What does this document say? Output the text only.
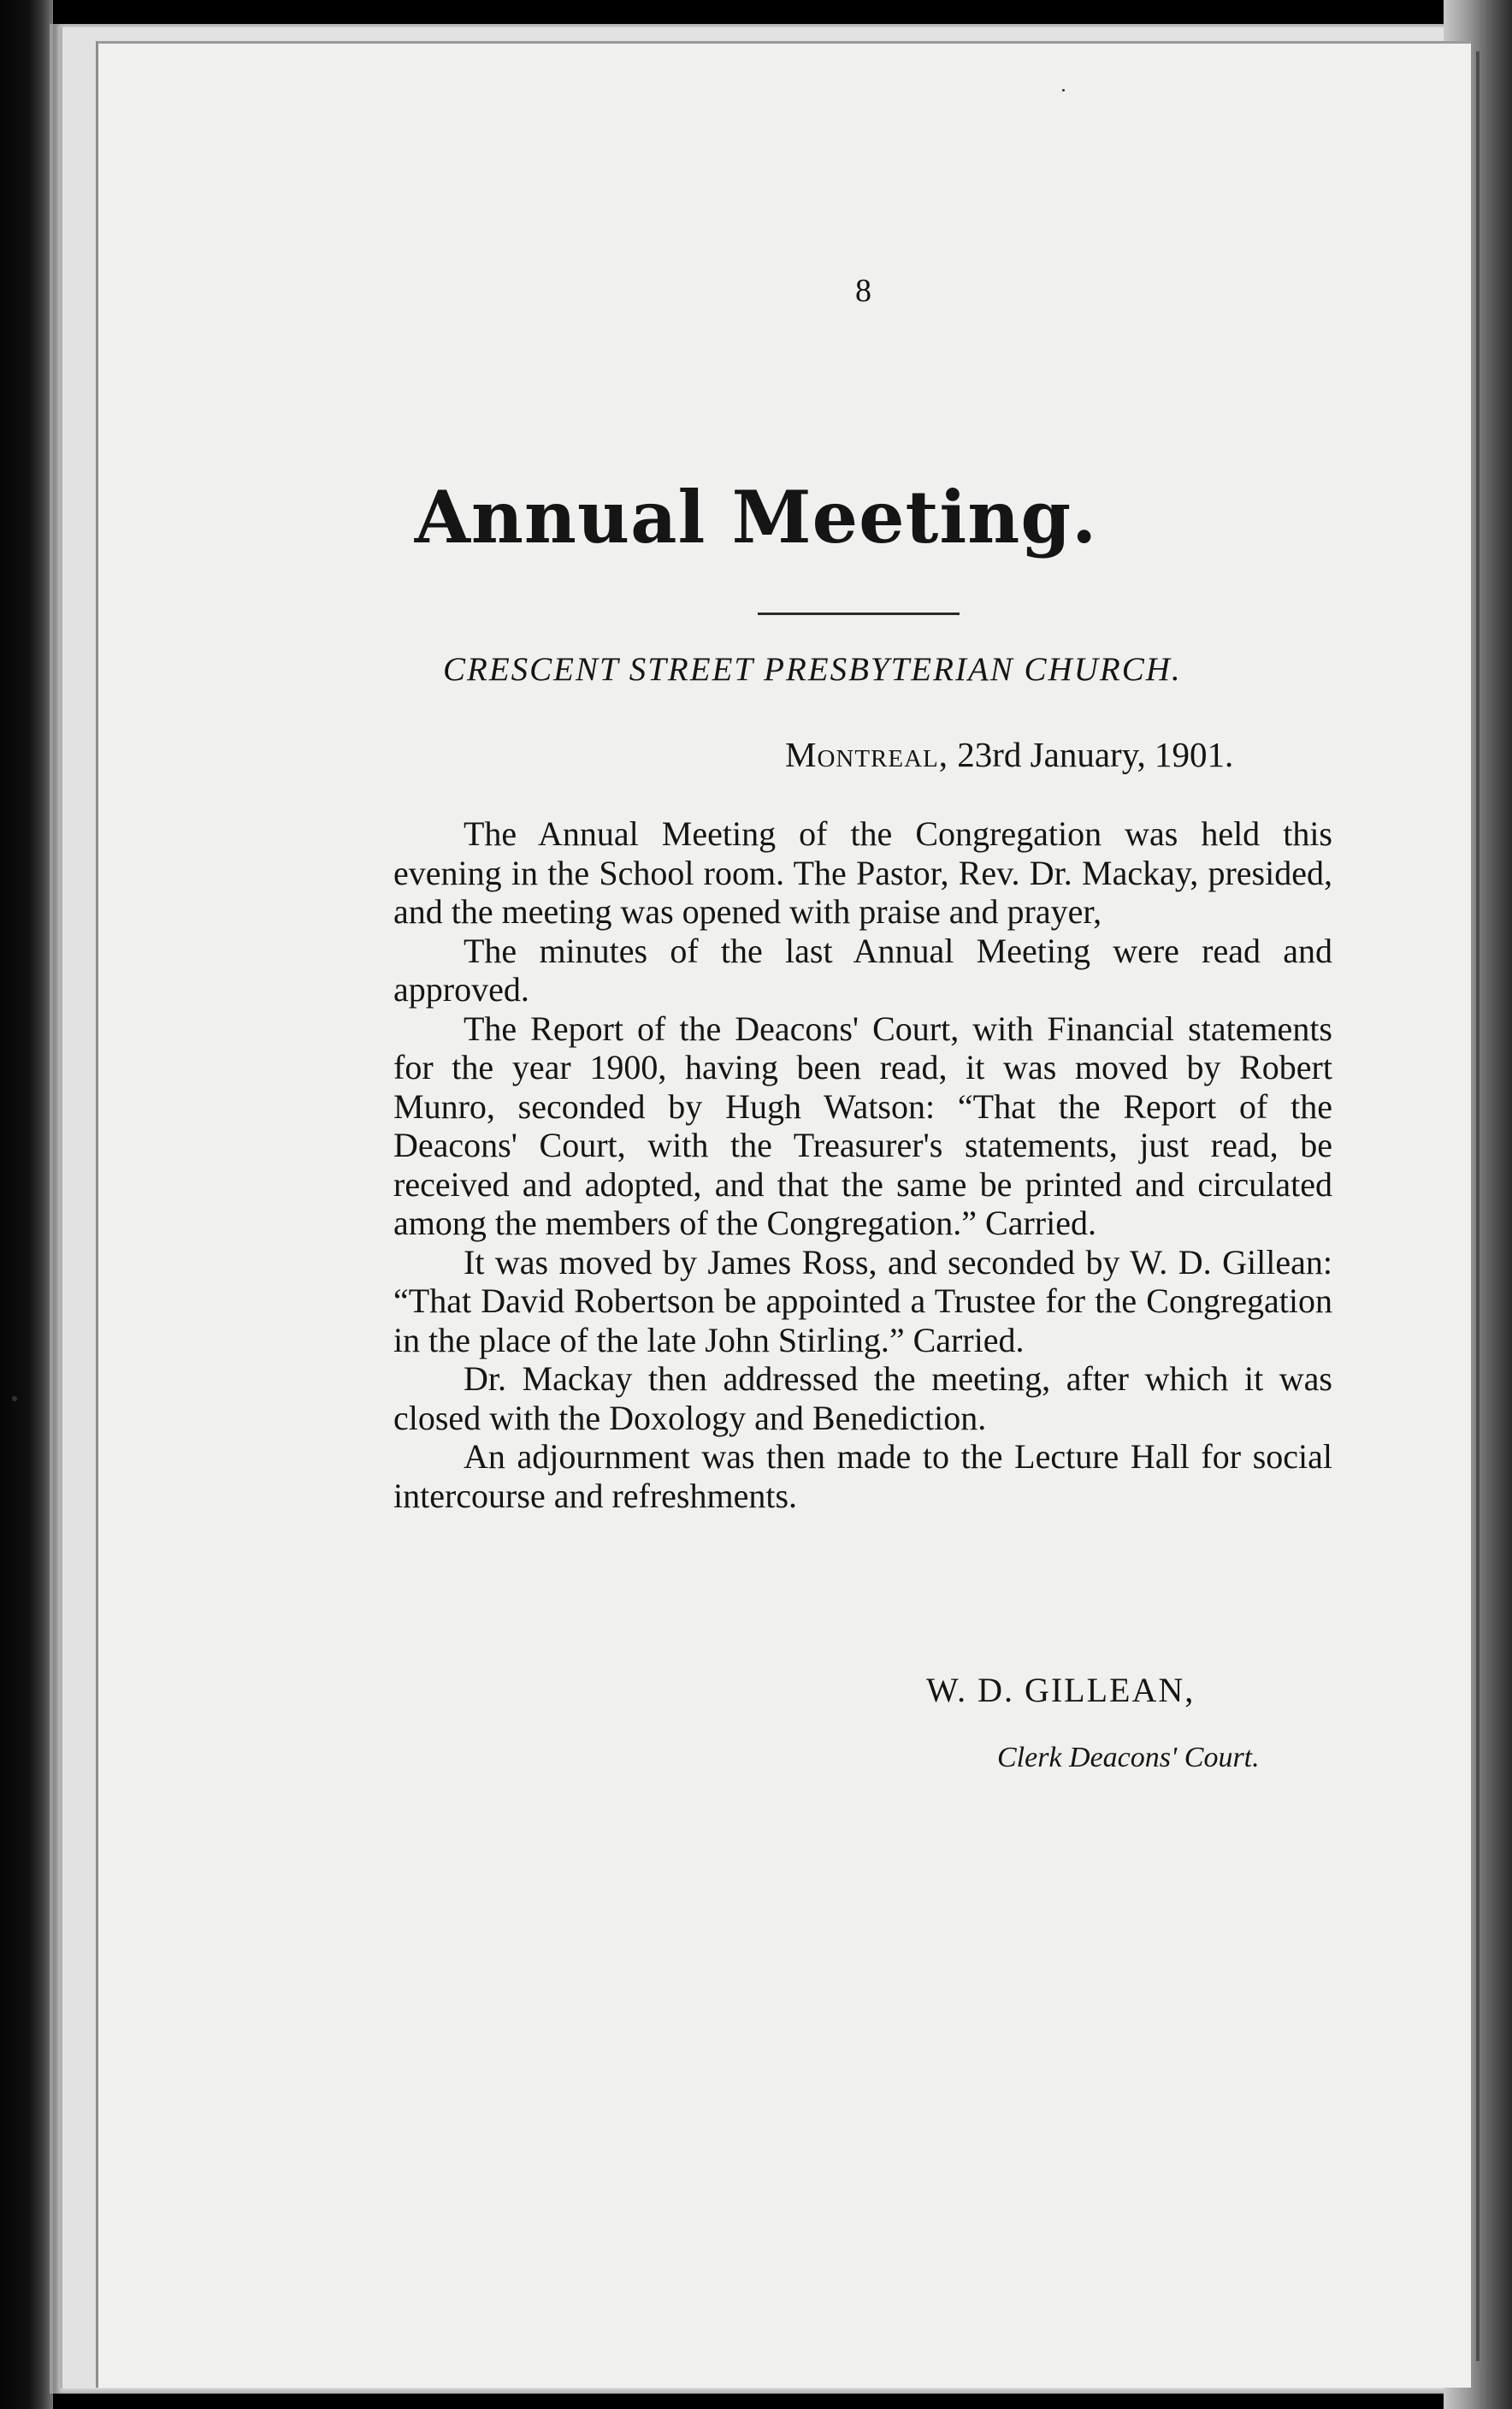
8
Annual Meeting.
CRESCENT STREET PRESBYTERIAN CHURCH.
Montreal, 23rd January, 1901.

The Annual Meeting of the Congregation was held this evening in the School room. The Pastor, Rev. Dr. Mackay, presided, and the meeting was opened with praise and prayer,

The minutes of the last Annual Meeting were read and approved.

The Report of the Deacons' Court, with Financial statements for the year 1900, having been read, it was moved by Robert Munro, seconded by Hugh Watson: “That the Report of the Deacons' Court, with the Treasurer's statements, just read, be received and adopted, and that the same be printed and circulated among the members of the Congregation.” Carried.

It was moved by James Ross, and seconded by W. D. Gillean: “That David Robertson be appointed a Trustee for the Congregation in the place of the late John Stirling.” Carried.

Dr. Mackay then addressed the meeting, after which it was closed with the Doxology and Benediction.

An adjournment was then made to the Lecture Hall for social intercourse and refreshments.

W. D. GILLEAN,
Clerk Deacons' Court.
